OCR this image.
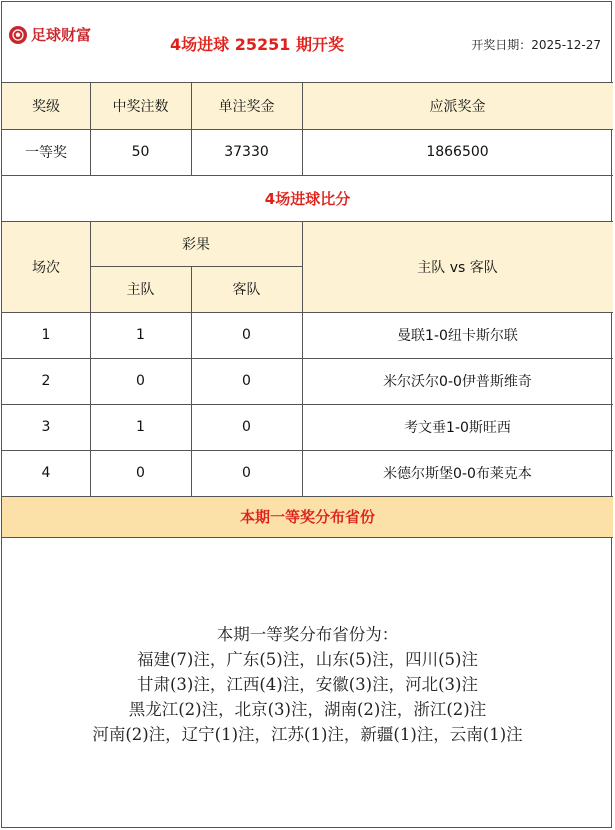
足球财富	4场进球 25251 期开奖	开奖日期：2025-12-27
奖级	中奖注数	单注奖金	应派奖金
一等奖	50	37330	1866500
4场进球比分
场次
彩果
主队	客队
主队 vs 客队
1	1	0	曼联1-0纽卡斯尔联
2	0	0	米尔沃尔0-0伊普斯维奇
3	1	0	考文垂1-0斯旺西
4	0	0	米德尔斯堡0-0布莱克本
本期一等奖分布省份
本期一等奖分布省份为：
福建(7)注，广东(5)注，山东(5)注，四川(5)注
甘肃(3)注，江西(4)注，安徽(3)注，河北(3)注
黑龙江(2)注，北京(3)注，湖南(2)注，浙江(2)注
河南(2)注，辽宁(1)注，江苏(1)注，新疆(1)注，云南(1)注
